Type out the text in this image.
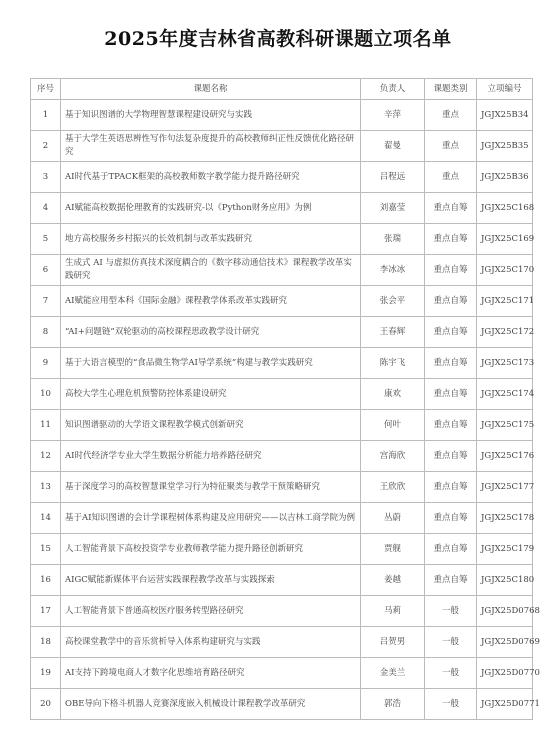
2025年度吉林省高教科研课题立项名单
序号	课题名称	负责人	课题类别	立项编号
1	基于知识图谱的大学物理智慧课程建设研究与实践	辛萍	重点	JGJX25B34
2	基于大学生英语思辨性写作句法复杂度提升的高校教师纠正性反馈优化路径研究	翟曼	重点	JGJX25B35
3	AI时代基于TPACK框架的高校教师数字教学能力提升路径研究	吕程远	重点	JGJX25B36
4	AI赋能高校数据伦理教育的实践研究-以《Python财务应用》为例	刘嘉莹	重点自筹	JGJX25C168
5	地方高校服务乡村振兴的长效机制与改革实践研究	张瑞	重点自筹	JGJX25C169
6	生成式 AI 与虚拟仿真技术深度耦合的《数字移动通信技术》课程教学改革实践研究	李冰冰	重点自筹	JGJX25C170
7	AI赋能应用型本科《国际金融》课程教学体系改革实践研究	张会平	重点自筹	JGJX25C171
8	“AI+问题链”双轮驱动的高校课程思政教学设计研究	王春辉	重点自筹	JGJX25C172
9	基于大语言模型的“食品微生物学AI导学系统”构建与教学实践研究	陈宇飞	重点自筹	JGJX25C173
10	高校大学生心理危机预警防控体系建设研究	康欢	重点自筹	JGJX25C174
11	知识图谱驱动的大学语文课程教学模式创新研究	何叶	重点自筹	JGJX25C175
12	AI时代经济学专业大学生数据分析能力培养路径研究	宫海欣	重点自筹	JGJX25C176
13	基于深度学习的高校智慧课堂学习行为特征聚类与教学干预策略研究	王欣欣	重点自筹	JGJX25C177
14	基于AI知识图谱的会计学课程树体系构建及应用研究——以吉林工商学院为例	丛蔚	重点自筹	JGJX25C178
15	人工智能背景下高校投资学专业教师教学能力提升路径创新研究	贾舰	重点自筹	JGJX25C179
16	AIGC赋能新媒体平台运营实践课程教学改革与实践探索	姜越	重点自筹	JGJX25C180
17	人工智能背景下普通高校医疗服务转型路径研究	马莉	一般	JGJX25D0768
18	高校课堂教学中的音乐赏析导入体系构建研究与实践	吕贺男	一般	JGJX25D0769
19	AI支持下跨境电商人才数字化思维培育路径研究	金美兰	一般	JGJX25D0770
20	OBE导向下格斗机器人竞赛深度嵌入机械设计课程教学改革研究	郭浩	一般	JGJX25D0771
